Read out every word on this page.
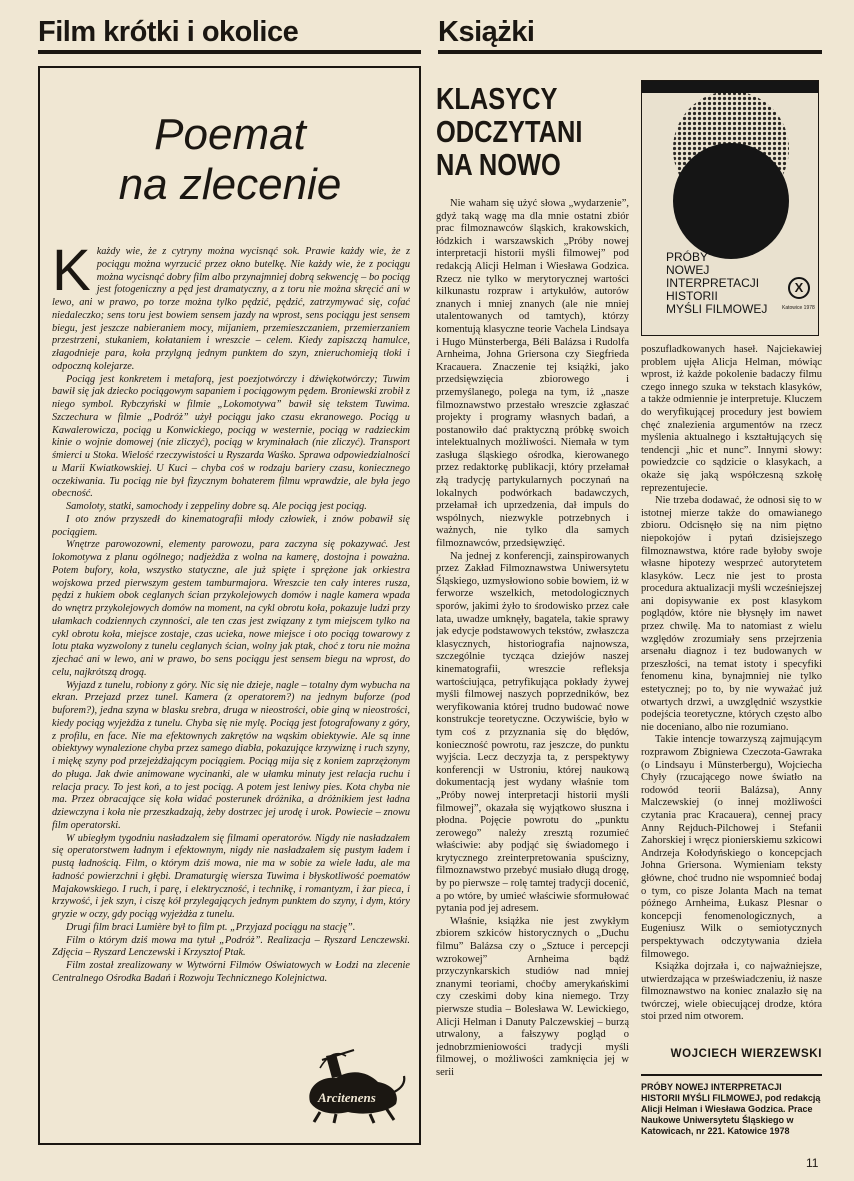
Film krótki i okolice	Książki
Poemat
na zlecenie

Kkażdy wie, że z cytryny można wycisnąć sok. Prawie każdy wie, że z pociągu można wyrzucić przez okno butelkę. Nie każdy wie, że z pociągu można wycisnąć dobry film albo przynajmniej dobrą sekwencję – bo pociąg jest fotogeniczny a pęd jest dramatyczny, a z toru nie można skręcić ani w lewo, ani w prawo, po torze można tylko pędzić, pędzić, zatrzymywać się, cofać niedaleczko; sens toru jest bowiem sensem jazdy na wprost, sens pociągu jest sensem biegu, jest jeszcze nabieraniem mocy, mijaniem, przemieszczaniem, przemierzaniem przestrzeni, stukaniem, kołataniem i wreszcie – celem. Kiedy zapiszczą hamulce, złagodnieje para, koła przylgną jednym punktem do szyn, znieruchomieją tłoki i odpoczną kolejarze.

Pociąg jest konkretem i metaforą, jest poezjotwórczy i dźwiękotwórczy; Tuwim bawił się jak dziecko pociągowym sapaniem i pociągowym pędem. Broniewski zrobił z niego symbol. Rybczyński w filmie „Lokomotywa” bawił się tekstem Tuwima. Szczechura w filmie „Podróż” użył pociągu jako czasu ekranowego. Pociąg u Kawalerowicza, pociąg u Konwickiego, pociąg w westernie, pociąg w radzieckim kinie o wojnie domowej (nie zliczyć), pociąg w kryminałach (nie zliczyć). Transport śmierci u Stoka. Wielość rzeczywistości u Ryszarda Waśko. Sprawa odpowiedzialności u Marii Kwiatkowskiej. U Kuci – chyba coś w rodzaju bariery czasu, koniecznego oczekiwania. Tu pociąg nie był fizycznym bohaterem filmu wprawdzie, ale była jego obecność.

Samoloty, statki, samochody i zeppeliny dobre są. Ale pociąg jest pociąg.

I oto znów przyszedł do kinematografii młody człowiek, i znów pobawił się pociągiem.

Wnętrze parowozowni, elementy parowozu, para zaczyna się pokazywać. Jest lokomotywa z planu ogólnego; nadjeżdża z wolna na kamerę, dostojna i poważna. Potem bufory, koła, wszystko statyczne, ale już spięte i sprężone jak orkiestra wojskowa przed pierwszym gestem tamburmajora. Wreszcie ten cały interes rusza, pędzi z hukiem obok ceglanych ścian przykolejowych domów i nagle kamera wpada do wnętrz przykolejowych domów na moment, na cykl obrotu koła, pokazuje ludzi przy ułamkach codziennych czynności, ale ten czas jest związany z tym miejscem tylko na cykl obrotu koła, miejsce zostaje, czas ucieka, nowe miejsce i oto pociąg towarowy z lotu ptaka wyzwolony z tunelu ceglanych ścian, wolny jak ptak, choć z toru nie można zjechać ani w lewo, ani w prawo, bo sens pociągu jest sensem biegu na wprost, do celu, najkrótszą drogą.

Wyjazd z tunelu, robiony z góry. Nic się nie dzieje, nagle – totalny dym wybucha na ekran. Przejazd przez tunel. Kamera (z operatorem?) na jednym buforze (pod buforem?), jedna szyna w blasku srebra, druga w nieostrości, obie giną w nieostrości, kiedy pociąg wyjeżdża z tunelu. Chyba się nie mylę. Pociąg jest fotografowany z góry, z profilu, en face. Nie ma efektownych zakrętów na wąskim obiektywie. Ale są inne obiektywy wynalezione chyba przez samego diabła, pokazujące krzywiznę i ruch szyny, i miękę szyny pod przejeżdżającym pociągiem. Pociąg mija się z koniem zaprzężonym do pługa. Jak dwie animowane wycinanki, ale w ułamku minuty jest relacja ruchu i relacja pracy. To jest koń, a to jest pociąg. A potem jest leniwy pies. Kota chyba nie ma. Przez obracające się koła widać posterunek dróżnika, a dróżnikiem jest ładna dziewczyna i koła nie przeszkadzają, żeby dostrzec jej urodę i urok. Powiecie – znowu film operatorski.

W ubiegłym tygodniu nasładzałem się filmami operatorów. Nigdy nie nasładzałem się operatorstwem ładnym i efektownym, nigdy nie nasładzałem się pustym ładem i pustą ładnością. Film, o którym dziś mowa, nie ma w sobie za wiele ładu, ale ma ładność powierzchni i głębi. Dramaturgię wiersza Tuwima i błyskotliwość poematów Majakowskiego. I ruch, i parę, i elektryczność, i technikę, i romantyzm, i żar pieca, i krzywość, i jek szyn, i ciszę kół przylegających jednym punktem do szyny, i dym, który gryzie w oczy, gdy pociąg wyjeżdża z tunelu.

Drugi film braci Lumière był to film pt. „Przyjazd pociągu na stację”.

Film o którym dziś mowa ma tytuł „Podróż”. Realizacja – Ryszard Lenczewski. Zdjęcia – Ryszard Lenczewski i Krzysztof Ptak.

Film został zrealizowany w Wytwórni Filmów Oświatowych w Łodzi na zlecenie Centralnego Ośrodka Badań i Rozwoju Technicznego Kolejnictwa.

Arcitenens
KLASYCY
ODCZYTANI
NA NOWO
PRÓBY
NOWEJ
INTERPRETACJI
HISTORII
MYŚLI FILMOWEJ
X
Katowice 1978

Nie waham się użyć słowa „wydarzenie”, gdyż taką wagę ma dla mnie ostatni zbiór prac filmoznawców śląskich, krakowskich, łódzkich i warszawskich „Próby nowej interpretacji historii myśli filmowej” pod redakcją Alicji Helman i Wiesława Godzica. Rzecz nie tylko w merytorycznej wartości kilkunastu rozpraw i artykułów, autorów znanych i mniej znanych (ale nie mniej utalentowanych od tamtych), którzy komentują klasyczne teorie Vachela Lindsaya i Hugo Münsterberga, Béli Balázsa i Rudolfa Arnheima, Johna Griersona czy Siegfrieda Kracauera. Znaczenie tej książki, jako przedsięwzięcia zbiorowego i przemyślanego, polega na tym, iż „nasze filmoznawstwo przestało wreszcie zgłaszać projekty i programy własnych badań, a postanowiło dać praktyczną próbkę swoich intelektualnych możliwości. Niemała w tym zasługa śląskiego ośrodka, kierowanego przez redaktorkę publikacji, który przełamał złą tradycję partykularnych poczynań na lokalnych podwórkach badawczych, przełamał ich uprzedzenia, dał impuls do wspólnych, niezwykle potrzebnych i ważnych, nie tylko dla samych filmoznawców, przedsięwzięć.

Na jednej z konferencji, zainspirowanych przez Zakład Filmoznawstwa Uniwersytetu Śląskiego, uzmysłowiono sobie bowiem, iż w ferworze wszelkich, metodologicznych sporów, jakimi żyło to środowisko przez całe lata, uwadze umknęły, bagatela, takie sprawy jak edycje podstawowych tekstów, zwłaszcza klasycznych, historiografia najnowsza, szczególnie tycząca dziejów naszej kinematografii, wreszcie refleksja wartościująca, petryfikująca pokłady żywej myśli filmowej naszych poprzedników, bez weryfikowania której trudno budować nowe konstrukcje teoretyczne. Oczywiście, było w tym coś z przyznania się do błędów, konieczność powrotu, raz jeszcze, do punktu wyjścia. Lecz deczyzja ta, z perspektywy konferencji w Ustroniu, której naukową dokumentacją jest wydany właśnie tom „Próby nowej interpretacji historii myśli filmowej”, okazała się wyjątkowo słuszna i płodna. Pojęcie powrotu do „punktu zerowego” należy zresztą rozumieć właściwie: aby podjąć się świadomego i krytycznego zreinterpretowania spuścizny, filmoznawstwo przebyć musiało długą drogę, by po pierwsze – rolę tamtej tradycji docenić, a po wtóre, by umieć właściwie sformułować pytania pod jej adresem.

Właśnie, książka nie jest zwykłym zbiorem szkiców historycznych o „Duchu filmu” Balázsa czy o „Sztuce i percepcji wzrokowej” Arnheima bądź przyczynkarskich studiów nad mniej znanymi teoriami, choćby amerykańskimi czy czeskimi doby kina niemego. Trzy pierwsze studia – Bolesława W. Lewickiego, Alicji Helman i Danuty Palczewskiej – burzą utrwalony, a fałszywy pogląd o jednobrzmieniowości tradycji myśli filmowej, o możliwości zamknięcia jej w serii

poszufladkowanych haseł. Najciekawiej problem ujęła Alicja Helman, mówiąc wprost, iż każde pokolenie badaczy filmu czego innego szuka w tekstach klasyków, a także odmiennie je interpretuje. Kluczem do weryfikującej procedury jest bowiem chęć znalezienia argumentów na rzecz myślenia aktualnego i kształtujących się tendencji „hic et nunc”. Innymi słowy: powiedzcie co sądzicie o klasykach, a okaże się jaką współczesną szkołę reprezentujecie.

Nie trzeba dodawać, że odnosi się to w istotnej mierze także do omawianego zbioru. Odcisnęło się na nim piętno niepokojów i pytań dzisiejszego filmoznawstwa, które rade byłoby swoje własne hipotezy wesprzeć autorytetem klasyków. Lecz nie jest to prosta procedura aktualizacji myśli wcześniejszej ani dopisywanie ex post klasykom poglądów, które nie błysnęły im nawet przez chwilę. Ma to natomiast z wielu względów zrozumiały sens przejrzenia arsenału diagnoz i tez budowanych w przeszłości, na temat istoty i specyfiki fenomenu kina, bynajmniej nie tylko estetycznej; po to, by nie wyważać już otwartych drzwi, a uwzględnić wszystkie podejścia teoretyczne, których często albo nie doceniano, albo nie rozumiano.

Takie intencje towarzyszą zajmującym rozprawom Zbigniewa Czeczota-Gawraka (o Lindsayu i Münsterbergu), Wojciecha Chyły (rzucającego nowe światło na rodowód teorii Balázsa), Anny Malczewskiej (o innej możliwości czytania prac Kracauera), cennej pracy Anny Rejduch-Pilchowej i Stefanii Zahorskiej i wręcz pionierskiemu szkicowi Andrzeja Kołodyńskiego o koncepcjach Johna Griersona. Wymieniam teksty główne, choć trudno nie wspomnieć bodaj o tym, co pisze Jolanta Mach na temat późnego Arnheima, Łukasz Plesnar o koncepcji fenomenologicznych, a Eugeniusz Wilk o semiotycznych perspektywach odczytywania dzieła filmowego.

Książka dojrzała i, co najważniejsze, utwierdzająca w przeświadczeniu, iż nasze filmoznawstwo na koniec znalazło się na twórczej, wiele obiecującej drodze, która stoi przed nim otworem.

WOJCIECH WIERZEWSKI
PRÓBY NOWEJ INTERPRETACJI HISTORII MYŚLI FILMOWEJ, pod redakcją Alicji Helman i Wiesława Godzica. Prace Naukowe Uniwersytetu Śląskiego w Katowicach, nr 221. Katowice 1978
11
